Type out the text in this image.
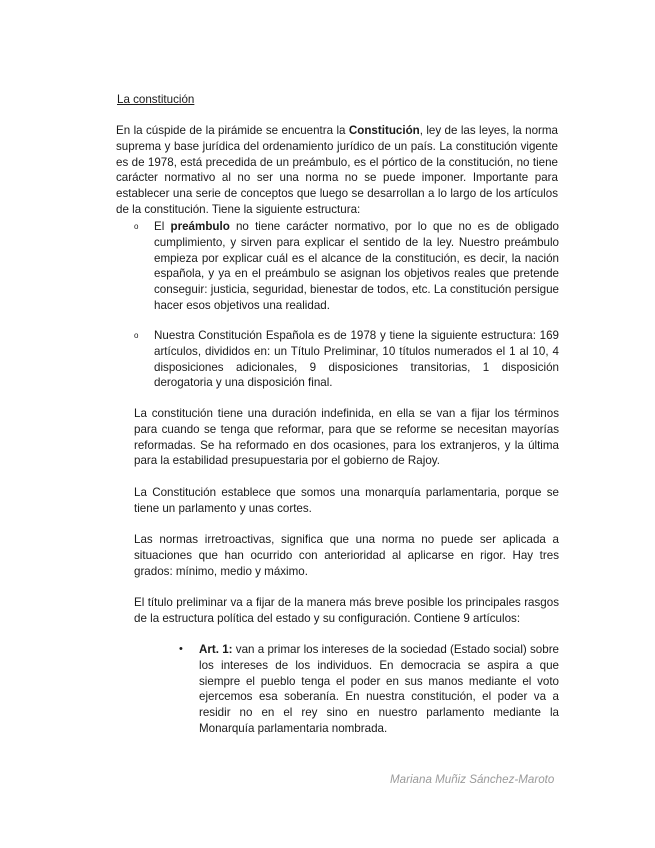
La constitución

En la cúspide de la pirámide se encuentra la Constitución, ley de las leyes, la norma suprema y base jurídica del ordenamiento jurídico de un país. La constitución vigente es de 1978, está precedida de un preámbulo, es el pórtico de la constitución, no tiene carácter normativo al no ser una norma no se puede imponer. Importante para establecer una serie de conceptos que luego se desarrollan a lo largo de los artículos de la constitución. Tiene la siguiente estructura:

o El preámbulo no tiene carácter normativo, por lo que no es de obligado cumplimiento, y sirven para explicar el sentido de la ley. Nuestro preámbulo empieza por explicar cuál es el alcance de la constitución, es decir, la nación española, y ya en el preámbulo se asignan los objetivos reales que pretende conseguir: justicia, seguridad, bienestar de todos, etc. La constitución persigue hacer esos objetivos una realidad.

o Nuestra Constitución Española es de 1978 y tiene la siguiente estructura: 169 artículos, divididos en: un Título Preliminar, 10 títulos numerados el 1 al 10, 4 disposiciones adicionales, 9 disposiciones transitorias, 1 disposición derogatoria y una disposición final.

La constitución tiene una duración indefinida, en ella se van a fijar los términos para cuando se tenga que reformar, para que se reforme se necesitan mayorías reformadas. Se ha reformado en dos ocasiones, para los extranjeros, y la última para la estabilidad presupuestaria por el gobierno de Rajoy.

La Constitución establece que somos una monarquía parlamentaria, porque se tiene un parlamento y unas cortes.

Las normas irretroactivas, significa que una norma no puede ser aplicada a situaciones que han ocurrido con anterioridad al aplicarse en rigor. Hay tres grados: mínimo, medio y máximo.

El título preliminar va a fijar de la manera más breve posible los principales rasgos de la estructura política del estado y su configuración. Contiene 9 artículos:

• Art. 1: van a primar los intereses de la sociedad (Estado social) sobre los intereses de los individuos. En democracia se aspira a que siempre el pueblo tenga el poder en sus manos mediante el voto ejercemos esa soberanía. En nuestra constitución, el poder va a residir no en el rey sino en nuestro parlamento mediante la Monarquía parlamentaria nombrada.

Mariana Muñiz Sánchez-Maroto
